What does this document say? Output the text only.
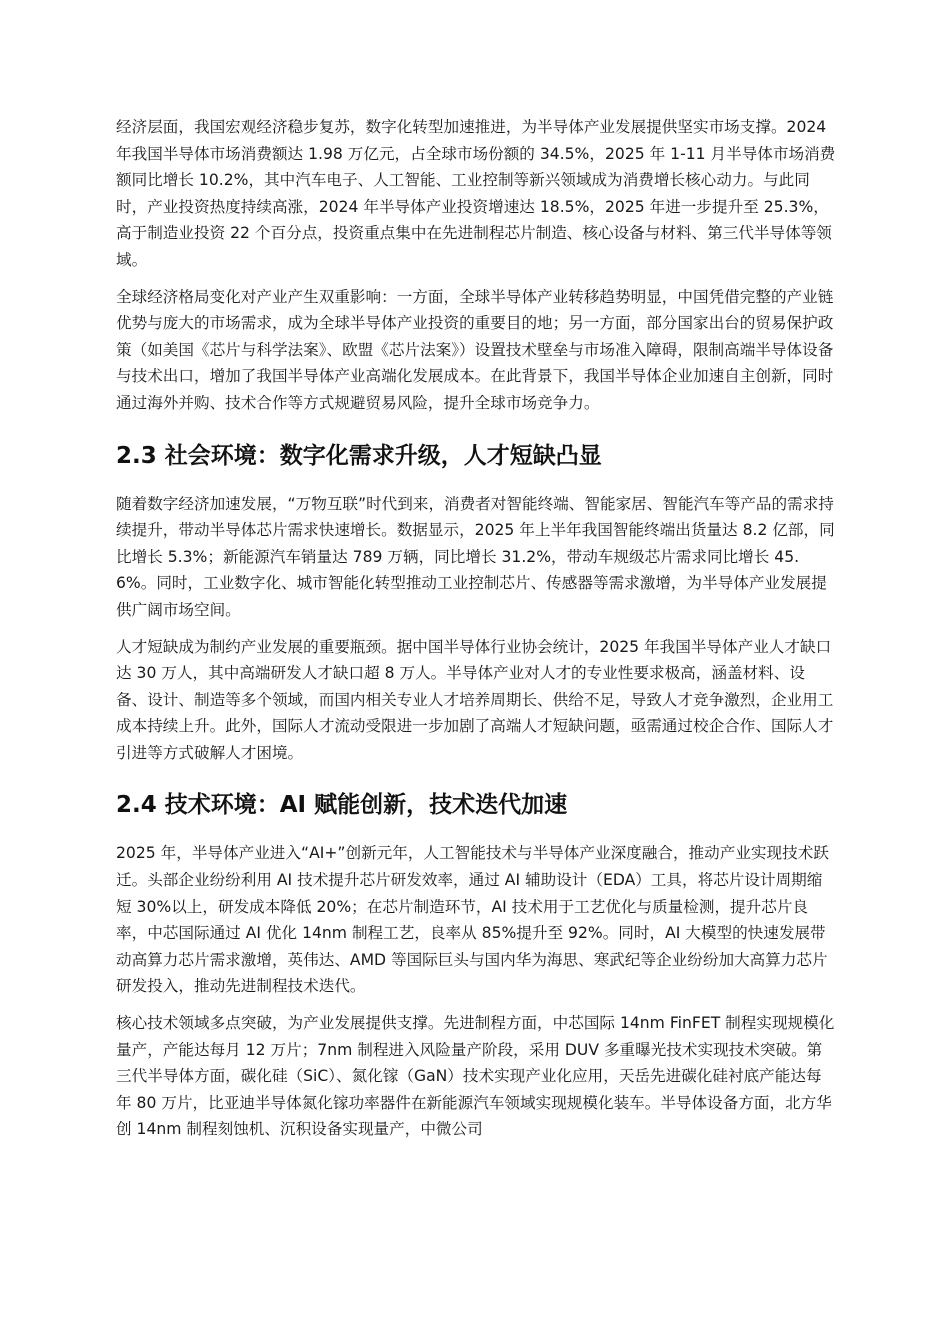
经济层面，我国宏观经济稳步复苏，数字化转型加速推进，为半导体产业发展提供坚实市场支撑。2024 年我国半导体市场消费额达 1.98 万亿元，占全球市场份额的 34.5%，2025 年 1-11 月半导体市场消费额同比增长 10.2%，其中汽车电子、人工智能、工业控制等新兴领域成为消费增长核心动力。与此同时，产业投资热度持续高涨，2024 年半导体产业投资增速达 18.5%，2025 年进一步提升至 25.3%，高于制造业投资 22 个百分点，投资重点集中在先进制程芯片制造、核心设备与材料、第三代半导体等领域。

全球经济格局变化对产业产生双重影响：一方面，全球半导体产业转移趋势明显，中国凭借完整的产业链优势与庞大的市场需求，成为全球半导体产业投资的重要目的地；另一方面，部分国家出台的贸易保护政策（如美国《芯片与科学法案》、欧盟《芯片法案》）设置技术壁垒与市场准入障碍，限制高端半导体设备与技术出口，增加了我国半导体产业高端化发展成本。在此背景下，我国半导体企业加速自主创新，同时通过海外并购、技术合作等方式规避贸易风险，提升全球市场竞争力。

2.3 社会环境：数字化需求升级，人才短缺凸显

随着数字经济加速发展，“万物互联”时代到来，消费者对智能终端、智能家居、智能汽车等产品的需求持续提升，带动半导体芯片需求快速增长。数据显示，2025 年上半年我国智能终端出货量达 8.2 亿部，同比增长 5.3%；新能源汽车销量达 789 万辆，同比增长 31.2%，带动车规级芯片需求同比增长 45.6%。同时，工业数字化、城市智能化转型推动工业控制芯片、传感器等需求激增，为半导体产业发展提供广阔市场空间。

人才短缺成为制约产业发展的重要瓶颈。据中国半导体行业协会统计，2025 年我国半导体产业人才缺口达 30 万人，其中高端研发人才缺口超 8 万人。半导体产业对人才的专业性要求极高，涵盖材料、设备、设计、制造等多个领域，而国内相关专业人才培养周期长、供给不足，导致人才竞争激烈，企业用工成本持续上升。此外，国际人才流动受限进一步加剧了高端人才短缺问题，亟需通过校企合作、国际人才引进等方式破解人才困境。

2.4 技术环境：AI 赋能创新，技术迭代加速

2025 年，半导体产业进入“AI+”创新元年，人工智能技术与半导体产业深度融合，推动产业实现技术跃迁。头部企业纷纷利用 AI 技术提升芯片研发效率，通过 AI 辅助设计（EDA）工具，将芯片设计周期缩短 30%以上，研发成本降低 20%；在芯片制造环节，AI 技术用于工艺优化与质量检测，提升芯片良率，中芯国际通过 AI 优化 14nm 制程工艺，良率从 85%提升至 92%。同时，AI 大模型的快速发展带动高算力芯片需求激增，英伟达、AMD 等国际巨头与国内华为海思、寒武纪等企业纷纷加大高算力芯片研发投入，推动先进制程技术迭代。

核心技术领域多点突破，为产业发展提供支撑。先进制程方面，中芯国际 14nm FinFET 制程实现规模化量产，产能达每月 12 万片；7nm 制程进入风险量产阶段，采用 DUV 多重曝光技术实现技术突破。第三代半导体方面，碳化硅（SiC）、氮化镓（GaN）技术实现产业化应用，天岳先进碳化硅衬底产能达每年 80 万片，比亚迪半导体氮化镓功率器件在新能源汽车领域实现规模化装车。半导体设备方面，北方华创 14nm 制程刻蚀机、沉积设备实现量产，中微公司
